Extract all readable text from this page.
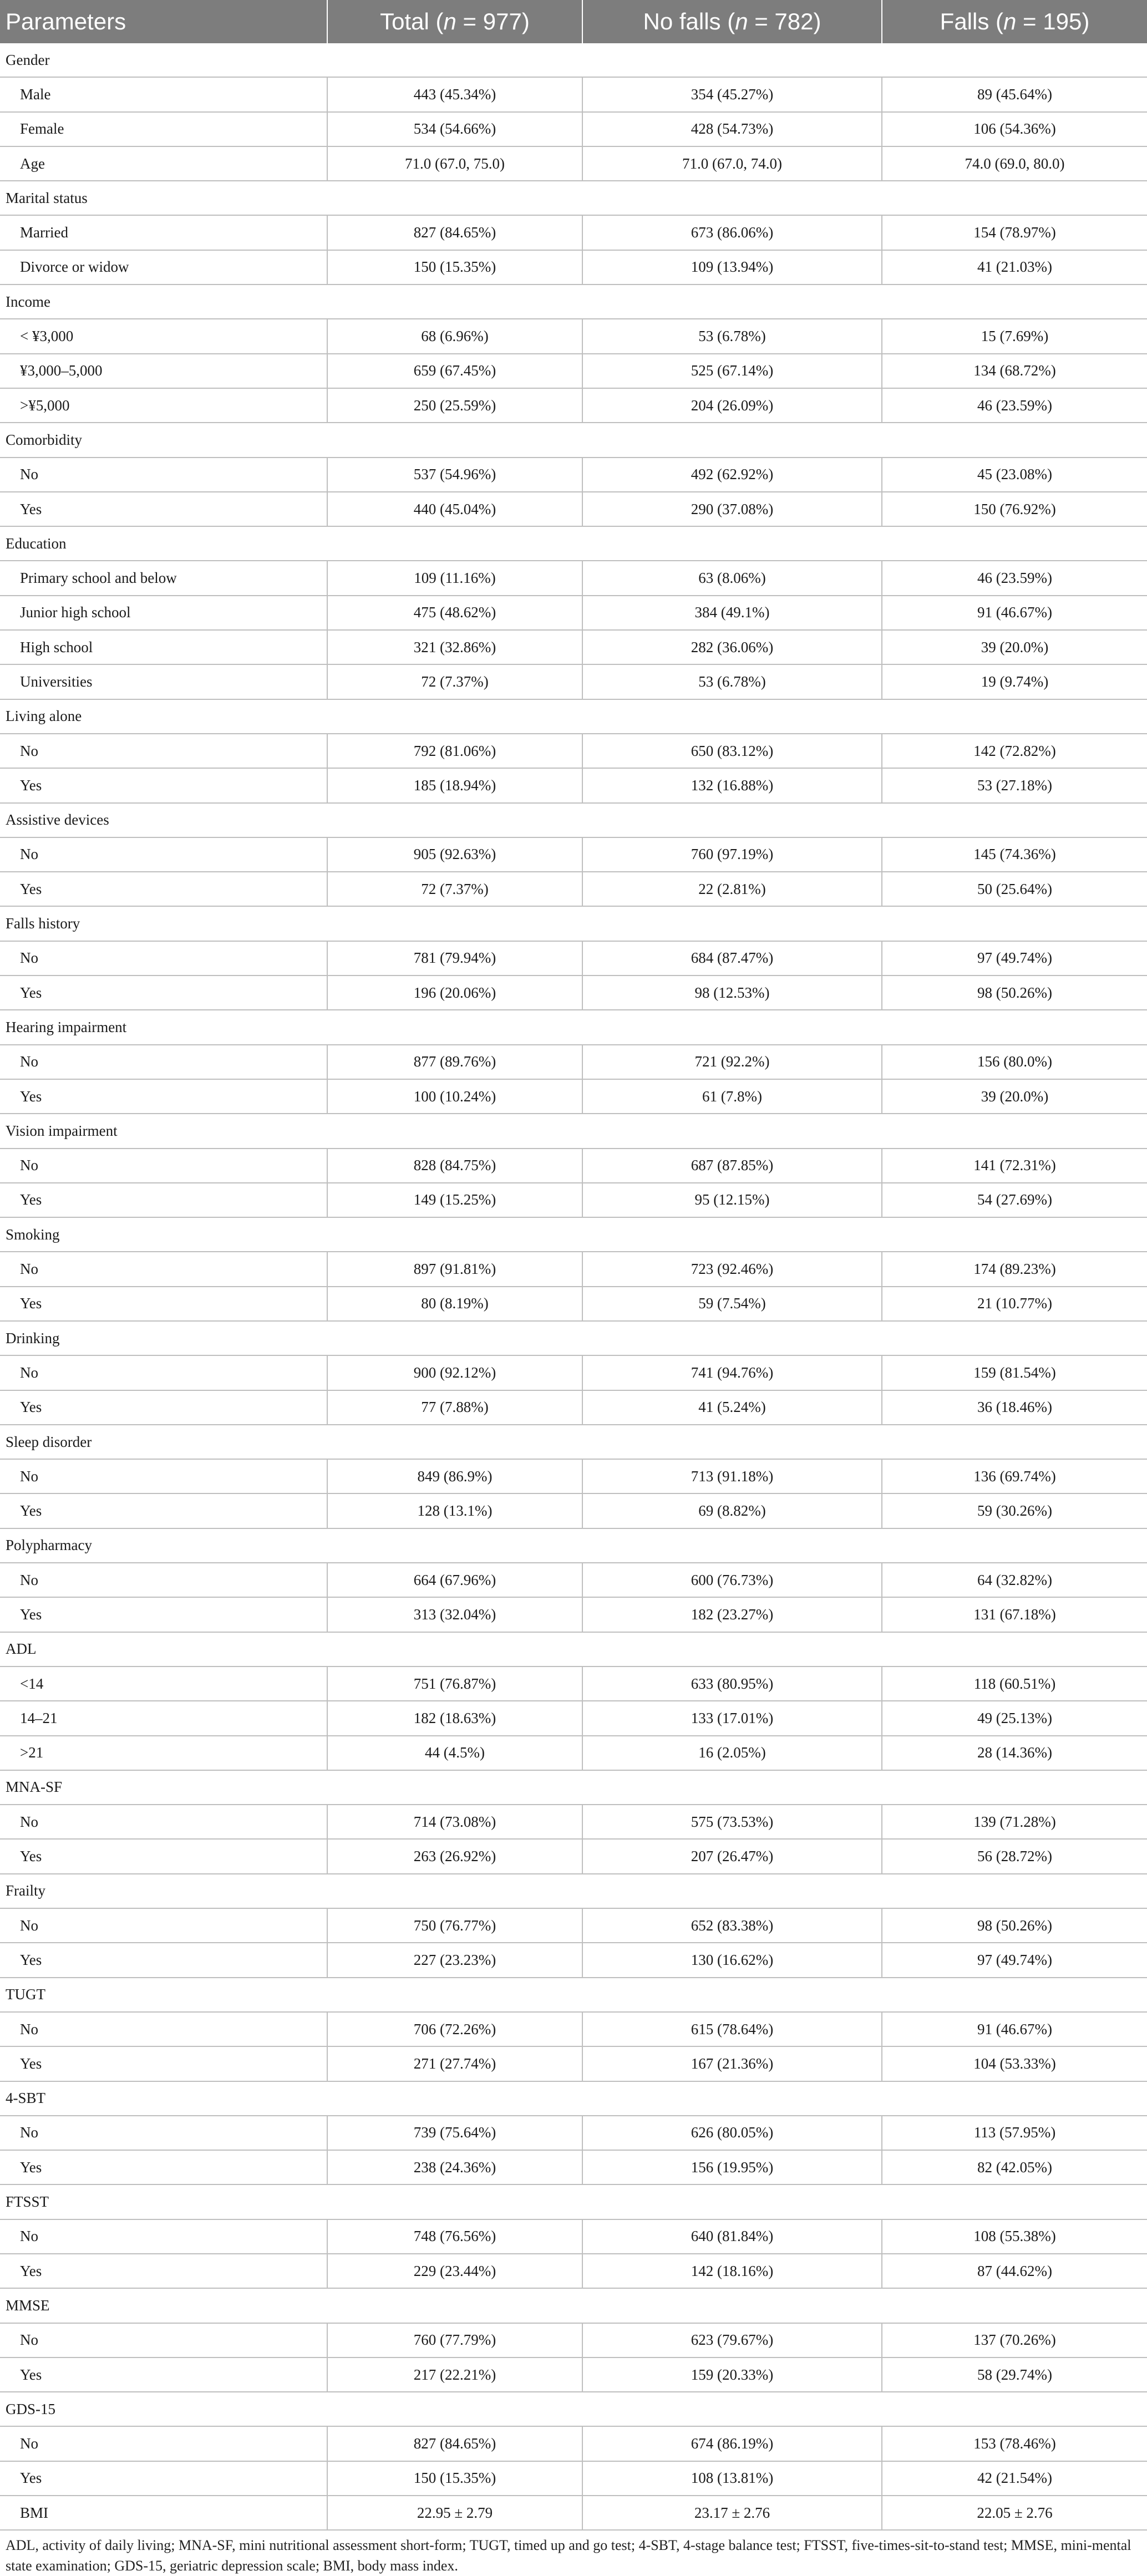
Parameters	Total (n = 977)	No falls (n = 782)	Falls (n = 195)
Gender			
Male	443 (45.34%)	354 (45.27%)	89 (45.64%)
Female	534 (54.66%)	428 (54.73%)	106 (54.36%)
Age	71.0 (67.0, 75.0)	71.0 (67.0, 74.0)	74.0 (69.0, 80.0)
Marital status			
Married	827 (84.65%)	673 (86.06%)	154 (78.97%)
Divorce or widow	150 (15.35%)	109 (13.94%)	41 (21.03%)
Income			
< ¥3,000	68 (6.96%)	53 (6.78%)	15 (7.69%)
¥3,000–5,000	659 (67.45%)	525 (67.14%)	134 (68.72%)
>¥5,000	250 (25.59%)	204 (26.09%)	46 (23.59%)
Comorbidity			
No	537 (54.96%)	492 (62.92%)	45 (23.08%)
Yes	440 (45.04%)	290 (37.08%)	150 (76.92%)
Education			
Primary school and below	109 (11.16%)	63 (8.06%)	46 (23.59%)
Junior high school	475 (48.62%)	384 (49.1%)	91 (46.67%)
High school	321 (32.86%)	282 (36.06%)	39 (20.0%)
Universities	72 (7.37%)	53 (6.78%)	19 (9.74%)
Living alone			
No	792 (81.06%)	650 (83.12%)	142 (72.82%)
Yes	185 (18.94%)	132 (16.88%)	53 (27.18%)
Assistive devices			
No	905 (92.63%)	760 (97.19%)	145 (74.36%)
Yes	72 (7.37%)	22 (2.81%)	50 (25.64%)
Falls history			
No	781 (79.94%)	684 (87.47%)	97 (49.74%)
Yes	196 (20.06%)	98 (12.53%)	98 (50.26%)
Hearing impairment			
No	877 (89.76%)	721 (92.2%)	156 (80.0%)
Yes	100 (10.24%)	61 (7.8%)	39 (20.0%)
Vision impairment			
No	828 (84.75%)	687 (87.85%)	141 (72.31%)
Yes	149 (15.25%)	95 (12.15%)	54 (27.69%)
Smoking			
No	897 (91.81%)	723 (92.46%)	174 (89.23%)
Yes	80 (8.19%)	59 (7.54%)	21 (10.77%)
Drinking			
No	900 (92.12%)	741 (94.76%)	159 (81.54%)
Yes	77 (7.88%)	41 (5.24%)	36 (18.46%)
Sleep disorder			
No	849 (86.9%)	713 (91.18%)	136 (69.74%)
Yes	128 (13.1%)	69 (8.82%)	59 (30.26%)
Polypharmacy			
No	664 (67.96%)	600 (76.73%)	64 (32.82%)
Yes	313 (32.04%)	182 (23.27%)	131 (67.18%)
ADL			
<14	751 (76.87%)	633 (80.95%)	118 (60.51%)
14–21	182 (18.63%)	133 (17.01%)	49 (25.13%)
>21	44 (4.5%)	16 (2.05%)	28 (14.36%)
MNA-SF			
No	714 (73.08%)	575 (73.53%)	139 (71.28%)
Yes	263 (26.92%)	207 (26.47%)	56 (28.72%)
Frailty			
No	750 (76.77%)	652 (83.38%)	98 (50.26%)
Yes	227 (23.23%)	130 (16.62%)	97 (49.74%)
TUGT			
No	706 (72.26%)	615 (78.64%)	91 (46.67%)
Yes	271 (27.74%)	167 (21.36%)	104 (53.33%)
4-SBT			
No	739 (75.64%)	626 (80.05%)	113 (57.95%)
Yes	238 (24.36%)	156 (19.95%)	82 (42.05%)
FTSST			
No	748 (76.56%)	640 (81.84%)	108 (55.38%)
Yes	229 (23.44%)	142 (18.16%)	87 (44.62%)
MMSE			
No	760 (77.79%)	623 (79.67%)	137 (70.26%)
Yes	217 (22.21%)	159 (20.33%)	58 (29.74%)
GDS-15			
No	827 (84.65%)	674 (86.19%)	153 (78.46%)
Yes	150 (15.35%)	108 (13.81%)	42 (21.54%)
BMI	22.95 ± 2.79	23.17 ± 2.76	22.05 ± 2.76
ADL, activity of daily living; MNA-SF, mini nutritional assessment short-form; TUGT, timed up and go test; 4-SBT, 4-stage balance test; FTSST, five-times-sit-to-stand test; MMSE, mini-mental state examination; GDS-15, geriatric depression scale; BMI, body mass index.
